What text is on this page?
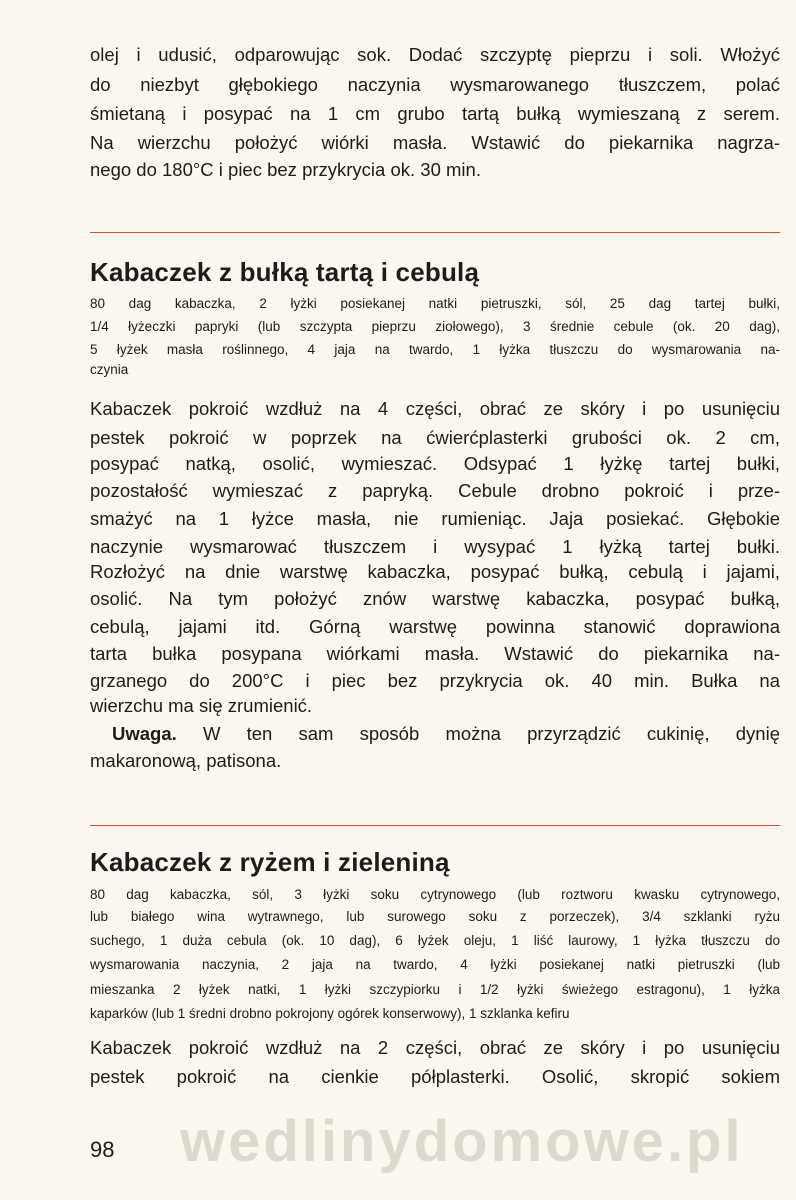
olej i udusić, odparowując sok. Dodać szczyptę pieprzu i soli. Włożyć
do niezbyt głębokiego naczynia wysmarowanego tłuszczem, polać
śmietaną i posypać na 1 cm grubo tartą bułką wymieszaną z serem.
Na wierzchu położyć wiórki masła. Wstawić do piekarnika nagrza-
nego do 180°C i piec bez przykrycia ok. 30 min.
Kabaczek z bułką tartą i cebulą
80 dag kabaczka, 2 łyżki posiekanej natki pietruszki, sól, 25 dag tartej bułki,
1/4 łyżeczki papryki (lub szczypta pieprzu ziołowego), 3 średnie cebule (ok. 20 dag),
5 łyżek masła roślinnego, 4 jaja na twardo, 1 łyżka tłuszczu do wysmarowania na-
czynia
Kabaczek pokroić wzdłuż na 4 części, obrać ze skóry i po usunięciu
pestek pokroić w poprzek na ćwierćplasterki grubości ok. 2 cm,
posypać natką, osolić, wymieszać. Odsypać 1 łyżkę tartej bułki,
pozostałość wymieszać z papryką. Cebule drobno pokroić i prze-
smażyć na 1 łyżce masła, nie rumieniąc. Jaja posiekać. Głębokie
naczynie wysmarować tłuszczem i wysypać 1 łyżką tartej bułki.
Rozłożyć na dnie warstwę kabaczka, posypać bułką, cebulą i jajami,
osolić. Na tym położyć znów warstwę kabaczka, posypać bułką,
cebulą, jajami itd. Górną warstwę powinna stanowić doprawiona
tarta bułka posypana wiórkami masła. Wstawić do piekarnika na-
grzanego do 200°C i piec bez przykrycia ok. 40 min. Bułka na
wierzchu ma się zrumienić.
Uwaga. W ten sam sposób można przyrządzić cukinię, dynię
makaronową, patisona.
Kabaczek z ryżem i zieleniną
80 dag kabaczka, sól, 3 łyżki soku cytrynowego (lub roztworu kwasku cytrynowego,
lub białego wina wytrawnego, lub surowego soku z porzeczek), 3/4 szklanki ryżu
suchego, 1 duża cebula (ok. 10 dag), 6 łyżek oleju, 1 liść laurowy, 1 łyżka tłuszczu do
wysmarowania naczynia, 2 jaja na twardo, 4 łyżki posiekanej natki pietruszki (lub
mieszanka 2 łyżek natki, 1 łyżki szczypiorku i 1/2 łyżki świeżego estragonu), 1 łyżka
kaparków (lub 1 średni drobno pokrojony ogórek konserwowy), 1 szklanka kefiru
Kabaczek pokroić wzdłuż na 2 części, obrać ze skóry i po usunięciu
pestek pokroić na cienkie półplasterki. Osolić, skropić sokiem
wedlinydomowe.pl
98
